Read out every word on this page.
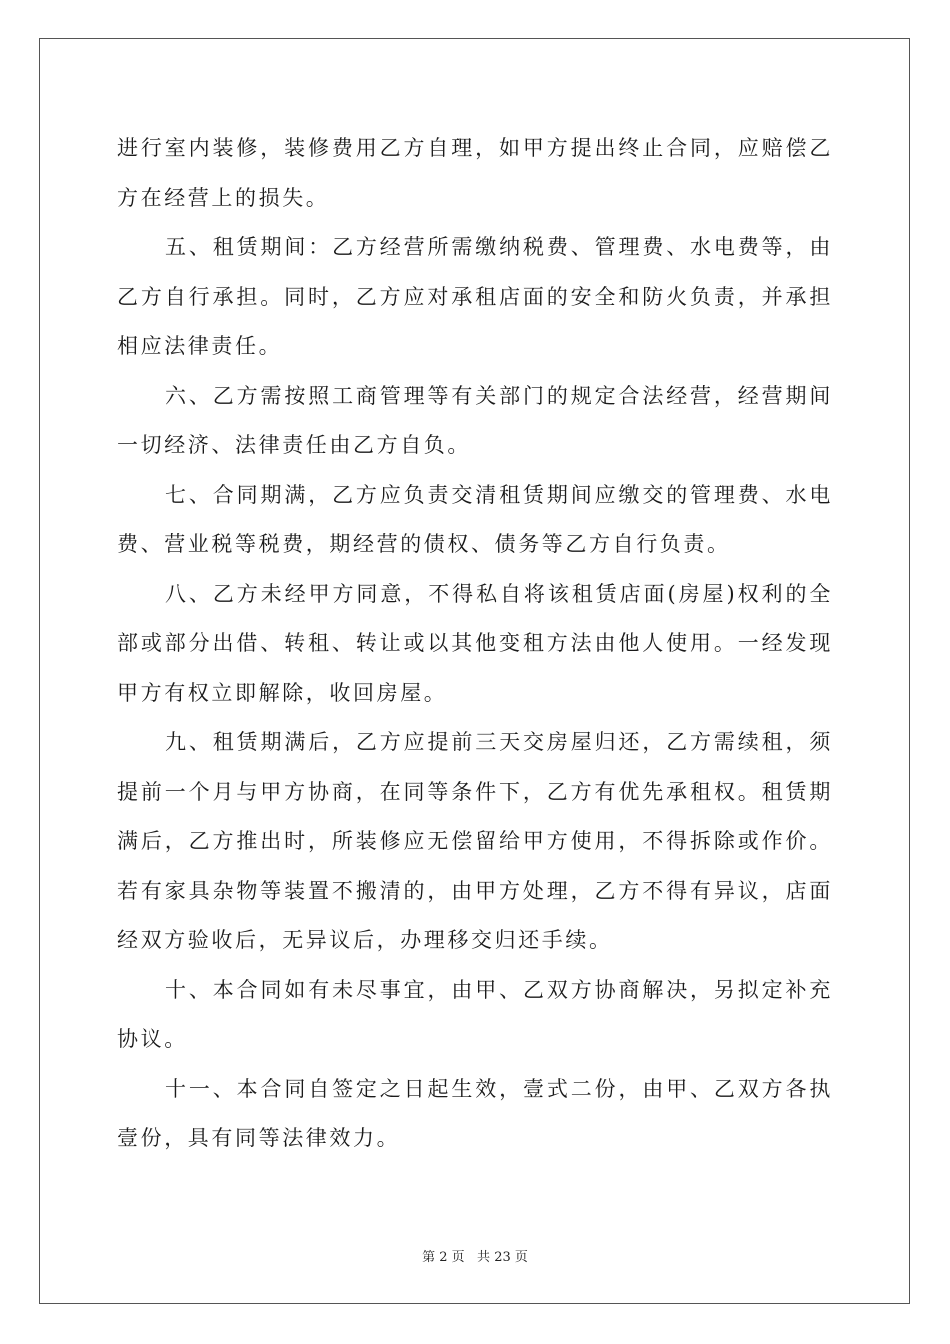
进行室内装修，装修费用乙方自理，如甲方提出终止合同，应赔偿乙方在经营上的损失。

五、租赁期间：乙方经营所需缴纳税费、管理费、水电费等，由乙方自行承担。同时，乙方应对承租店面的安全和防火负责，并承担相应法律责任。

六、乙方需按照工商管理等有关部门的规定合法经营，经营期间一切经济、法律责任由乙方自负。

七、合同期满，乙方应负责交清租赁期间应缴交的管理费、水电费、营业税等税费，期经营的债权、债务等乙方自行负责。

八、乙方未经甲方同意，不得私自将该租赁店面(房屋)权利的全部或部分出借、转租、转让或以其他变租方法由他人使用。一经发现甲方有权立即解除，收回房屋。

九、租赁期满后，乙方应提前三天交房屋归还，乙方需续租，须提前一个月与甲方协商，在同等条件下，乙方有优先承租权。租赁期满后，乙方推出时，所装修应无偿留给甲方使用，不得拆除或作价。若有家具杂物等装置不搬清的，由甲方处理，乙方不得有异议，店面经双方验收后，无异议后，办理移交归还手续。

十、本合同如有未尽事宜，由甲、乙双方协商解决，另拟定补充协议。

十一、本合同自签定之日起生效，壹式二份，由甲、乙双方各执壹份，具有同等法律效力。

第 2 页   共 23 页
